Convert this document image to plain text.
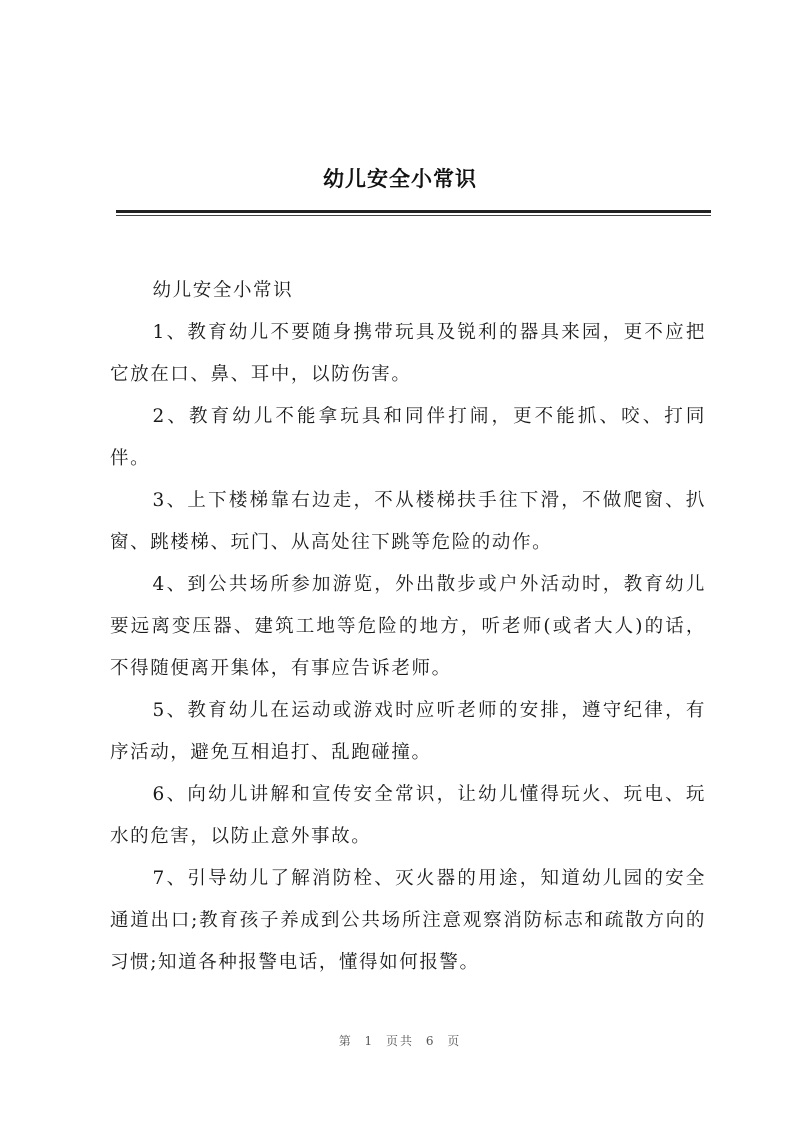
幼儿安全小常识

幼儿安全小常识

1、教育幼儿不要随身携带玩具及锐利的器具来园，更不应把它放在口、鼻、耳中，以防伤害。

2、教育幼儿不能拿玩具和同伴打闹，更不能抓、咬、打同伴。

3、上下楼梯靠右边走，不从楼梯扶手往下滑，不做爬窗、扒窗、跳楼梯、玩门、从高处往下跳等危险的动作。

4、到公共场所参加游览，外出散步或户外活动时，教育幼儿要远离变压器、建筑工地等危险的地方，听老师(或者大人)的话，不得随便离开集体，有事应告诉老师。

5、教育幼儿在运动或游戏时应听老师的安排，遵守纪律，有序活动，避免互相追打、乱跑碰撞。

6、向幼儿讲解和宣传安全常识，让幼儿懂得玩火、玩电、玩水的危害，以防止意外事故。

7、引导幼儿了解消防栓、灭火器的用途，知道幼儿园的安全通道出口;教育孩子养成到公共场所注意观察消防标志和疏散方向的习惯;知道各种报警电话，懂得如何报警。

第 1 页共 6 页
